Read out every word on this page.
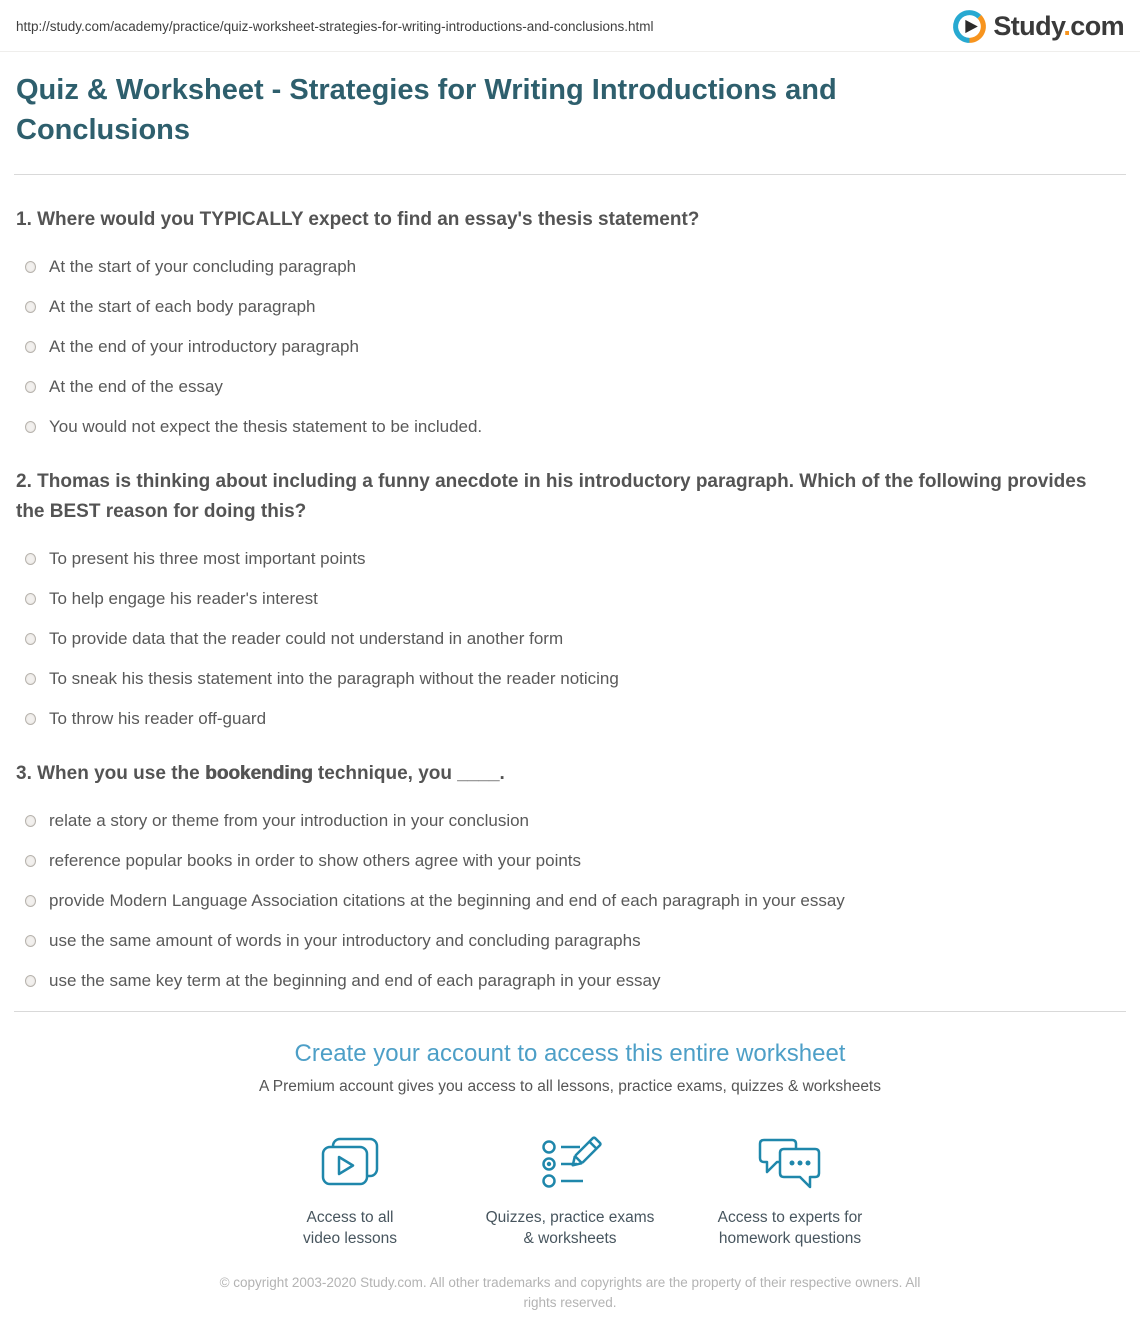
http://study.com/academy/practice/quiz-worksheet-strategies-for-writing-introductions-and-conclusions.html	Study.com
Quiz & Worksheet - Strategies for Writing Introductions and Conclusions
1. Where would you TYPICALLY expect to find an essay's thesis statement?
At the start of your concluding paragraph
At the start of each body paragraph
At the end of your introductory paragraph
At the end of the essay
You would not expect the thesis statement to be included.
2. Thomas is thinking about including a funny anecdote in his introductory paragraph. Which of the following provides the BEST reason for doing this?
To present his three most important points
To help engage his reader's interest
To provide data that the reader could not understand in another form
To sneak his thesis statement into the paragraph without the reader noticing
To throw his reader off-guard
3. When you use the bookending technique, you ____.
relate a story or theme from your introduction in your conclusion
reference popular books in order to show others agree with your points
provide Modern Language Association citations at the beginning and end of each paragraph in your essay
use the same amount of words in your introductory and concluding paragraphs
use the same key term at the beginning and end of each paragraph in your essay
Create your account to access this entire worksheet

A Premium account gives you access to all lessons, practice exams, quizzes & worksheets

Access to all
video lessons
Quizzes, practice exams
& worksheets
Access to experts for
homework questions
© copyright 2003-2020 Study.com. All other trademarks and copyrights are the property of their respective owners. All rights reserved.
